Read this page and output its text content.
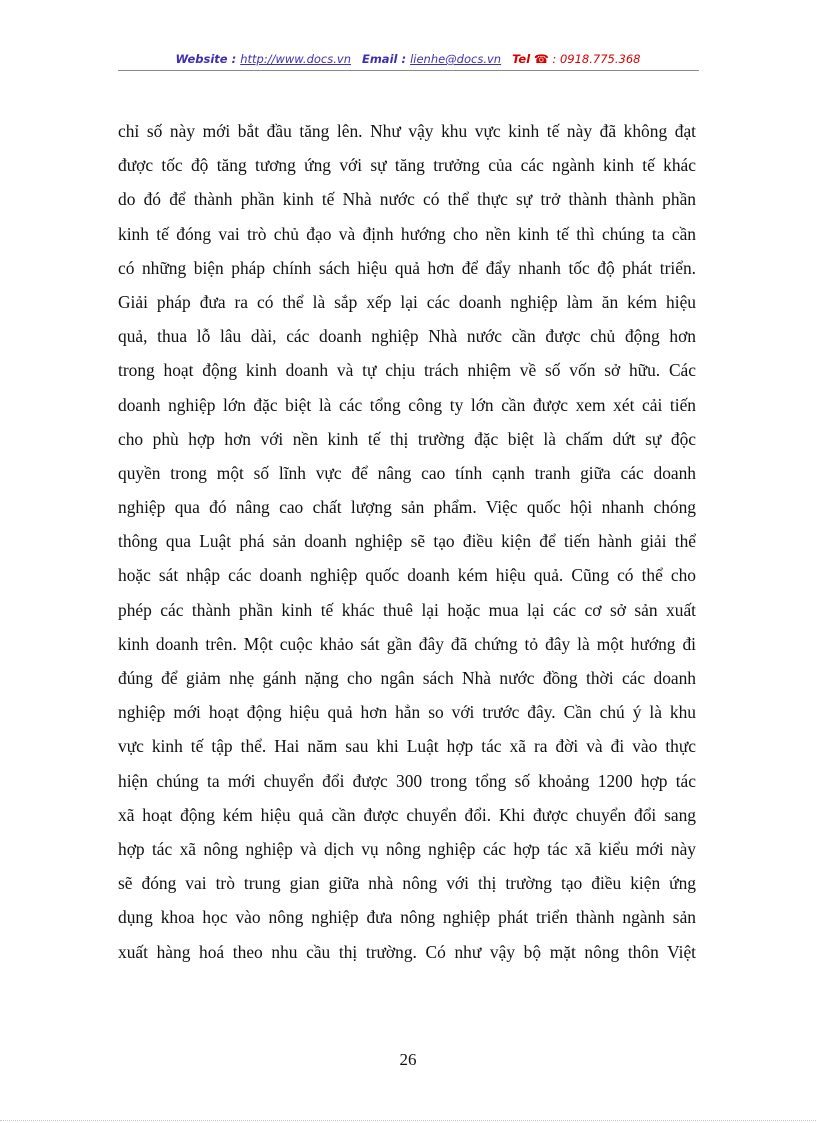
Website : http://www.docs.vn Email : lienhe@docs.vn Tel ☎ : 0918.775.368
chỉ số này mới bắt đầu tăng lên. Như vậy khu vực kinh tế này đã không đạt
được tốc độ tăng tương ứng với sự tăng trưởng của các ngành kinh tế khác
do đó để thành phần kinh tế Nhà nước có thể thực sự trở thành thành phần
kinh tế đóng vai trò chủ đạo và định hướng cho nền kinh tế thì chúng ta cần
có những biện pháp chính sách hiệu quả hơn để đẩy nhanh tốc độ phát triển.
Giải pháp đưa ra có thể là sắp xếp lại các doanh nghiệp làm ăn kém hiệu
quả, thua lỗ lâu dài, các doanh nghiệp Nhà nước cần được chủ động hơn
trong hoạt động kinh doanh và tự chịu trách nhiệm về số vốn sở hữu. Các
doanh nghiệp lớn đặc biệt là các tổng công ty lớn cần được xem xét cải tiến
cho phù hợp hơn với nền kinh tế thị trường đặc biệt là chấm dứt sự độc
quyền trong một số lĩnh vực để nâng cao tính cạnh tranh giữa các doanh
nghiệp qua đó nâng cao chất lượng sản phẩm. Việc quốc hội nhanh chóng
thông qua Luật phá sản doanh nghiệp sẽ tạo điều kiện để tiến hành giải thể
hoặc sát nhập các doanh nghiệp quốc doanh kém hiệu quả. Cũng có thể cho
phép các thành phần kinh tế khác thuê lại hoặc mua lại các cơ sở sản xuất
kinh doanh trên. Một cuộc khảo sát gần đây đã chứng tỏ đây là một hướng đi
đúng để giảm nhẹ gánh nặng cho ngân sách Nhà nước đồng thời các doanh
nghiệp mới hoạt động hiệu quả hơn hẳn so với trước đây. Cần chú ý là khu
vực kinh tế tập thể. Hai năm sau khi Luật hợp tác xã ra đời và đi vào thực
hiện chúng ta mới chuyển đổi được 300 trong tổng số khoảng 1200 hợp tác
xã hoạt động kém hiệu quả cần được chuyển đổi. Khi được chuyển đổi sang
hợp tác xã nông nghiệp và dịch vụ nông nghiệp các hợp tác xã kiểu mới này
sẽ đóng vai trò trung gian giữa nhà nông với thị trường tạo điều kiện ứng
dụng khoa học vào nông nghiệp đưa nông nghiệp phát triển thành ngành sản
xuất hàng hoá theo nhu cầu thị trường. Có như vậy bộ mặt nông thôn Việt
26
